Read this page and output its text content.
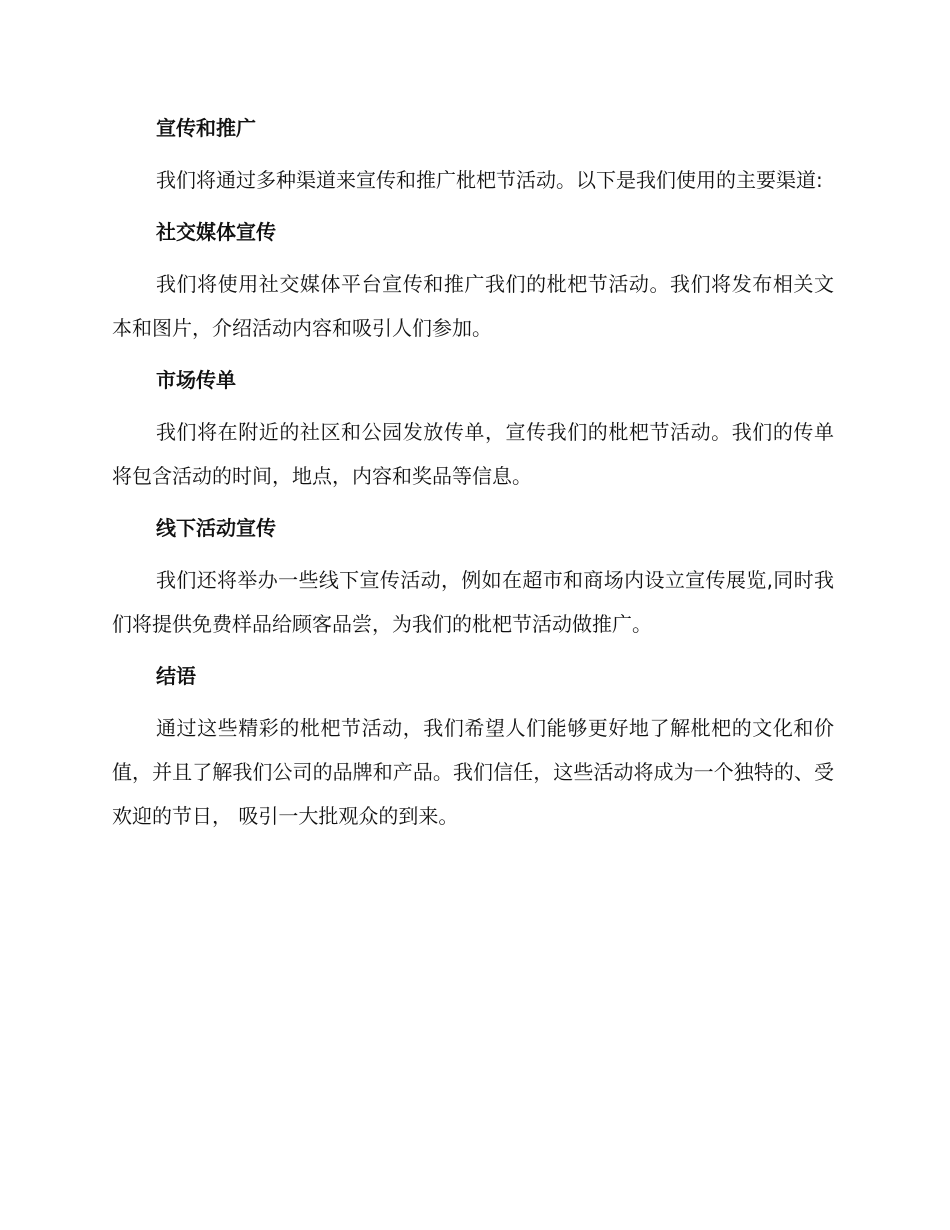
宣传和推广

我们将通过多种渠道来宣传和推广枇杷节活动。以下是我们使用的主要渠道:

社交媒体宣传

我们将使用社交媒体平台宣传和推广我们的枇杷节活动。我们将发布相关文本和图片，介绍活动内容和吸引人们参加。

市场传单

我们将在附近的社区和公园发放传单，宣传我们的枇杷节活动。我们的传单将包含活动的时间，地点，内容和奖品等信息。

线下活动宣传

我们还将举办一些线下宣传活动，例如在超市和商场内设立宣传展览,同时我们将提供免费样品给顾客品尝，为我们的枇杷节活动做推广。

结语

通过这些精彩的枇杷节活动，我们希望人们能够更好地了解枇杷的文化和价值，并且了解我们公司的品牌和产品。我们信任，这些活动将成为一个独特的、受欢迎的节日， 吸引一大批观众的到来。
